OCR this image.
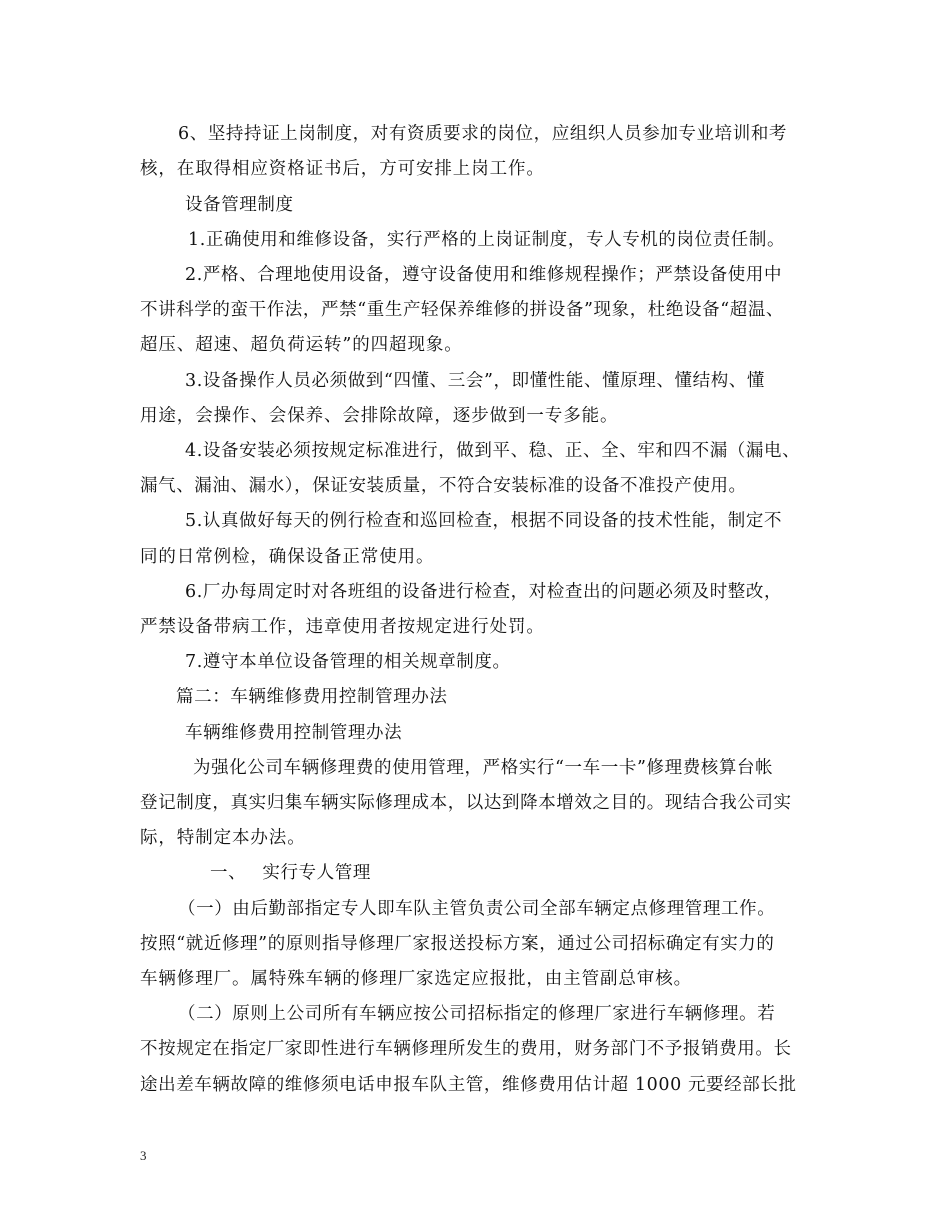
6、坚持持证上岗制度，对有资质要求的岗位，应组织人员参加专业培训和考
核，在取得相应资格证书后，方可安排上岗工作。
设备管理制度
1.正确使用和维修设备，实行严格的上岗证制度，专人专机的岗位责任制。
2.严格、合理地使用设备，遵守设备使用和维修规程操作；严禁设备使用中
不讲科学的蛮干作法，严禁“重生产轻保养维修的拼设备”现象，杜绝设备“超温、
超压、超速、超负荷运转”的四超现象。
3.设备操作人员必须做到“四懂、三会”，即懂性能、懂原理、懂结构、懂
用途，会操作、会保养、会排除故障，逐步做到一专多能。
4.设备安装必须按规定标准进行，做到平、稳、正、全、牢和四不漏（漏电、
漏气、漏油、漏水），保证安装质量，不符合安装标准的设备不准投产使用。
5.认真做好每天的例行检查和巡回检查，根据不同设备的技术性能，制定不
同的日常例检，确保设备正常使用。
6.厂办每周定时对各班组的设备进行检查，对检查出的问题必须及时整改，
严禁设备带病工作，违章使用者按规定进行处罚。
7.遵守本单位设备管理的相关规章制度。
篇二：车辆维修费用控制管理办法
车辆维修费用控制管理办法
为强化公司车辆修理费的使用管理，严格实行“一车一卡”修理费核算台帐
登记制度，真实归集车辆实际修理成本，以达到降本增效之目的。现结合我公司实
际，特制定本办法。
一、 实行专人管理
（一）由后勤部指定专人即车队主管负责公司全部车辆定点修理管理工作。
按照“就近修理”的原则指导修理厂家报送投标方案，通过公司招标确定有实力的
车辆修理厂。属特殊车辆的修理厂家选定应报批，由主管副总审核。
（二）原则上公司所有车辆应按公司招标指定的修理厂家进行车辆修理。若
不按规定在指定厂家即性进行车辆修理所发生的费用，财务部门不予报销费用。长
途出差车辆故障的维修须电话申报车队主管，维修费用估计超 1000 元要经部长批
3
